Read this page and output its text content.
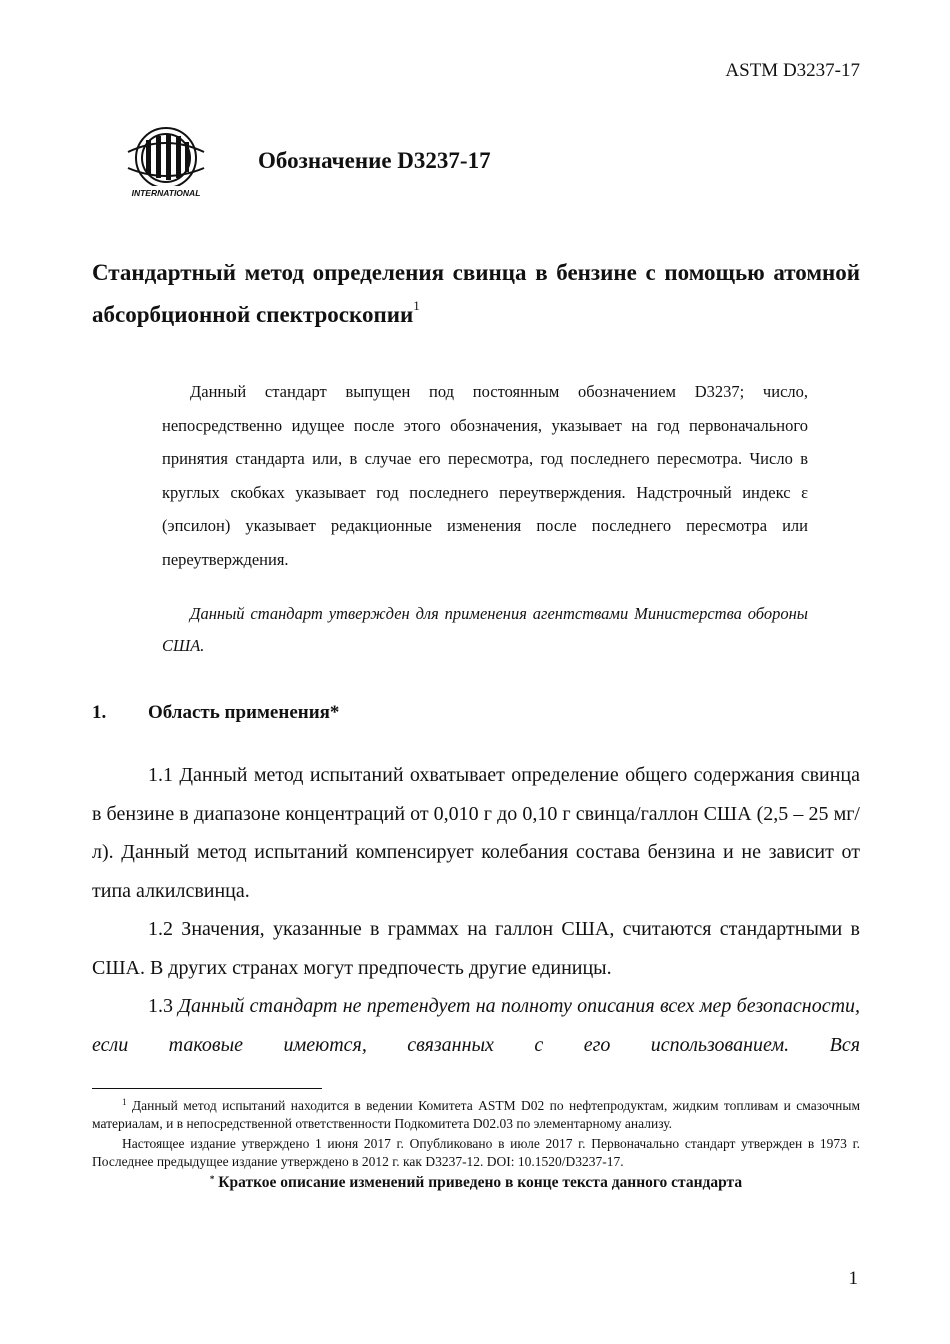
ASTM D3237-17
INTERNATIONAL
Обозначение D3237-17
Стандартный метод определения свинца в бензине с помощью атомной абсорбционной спектроскопии$^1$

Данный стандарт выпущен под постоянным обозначением D3237; число, непосредственно идущее после этого обозначения, указывает на год первоначального принятия стандарта или, в случае его пересмотра, год последнего пересмотра. Число в круглых скобках указывает год последнего переутверждения. Надстрочный индекс ε (эпсилон) указывает редакционные изменения после последнего пересмотра или переутверждения.

Данный стандарт утвержден для применения агентствами Министерства обороны США.

1. Область применения*

1.1 Данный метод испытаний охватывает определение общего содержания свинца в бензине в диапазоне концентраций от 0,010 г до 0,10 г свинца/галлон США (2,5 – 25 мг/л). Данный метод испытаний компенсирует колебания состава бензина и не зависит от типа алкилсвинца.

1.2 Значения, указанные в граммах на галлон США, считаются стандартными в США. В других странах могут предпочесть другие единицы.

1.3 Данный стандарт не претендует на полноту описания всех мер безопасности, если таковые имеются, связанных с его использованием. Вся

$^1$ Данный метод испытаний находится в ведении Комитета ASTM D02 по нефтепродуктам, жидким топливам и смазочным материалам, и в непосредственной ответственности Подкомитета D02.03 по элементарному анализу.

Настоящее издание утверждено 1 июня 2017 г. Опубликовано в июле 2017 г. Первоначально стандарт утвержден в 1973 г. Последнее предыдущее издание утверждено в 2012 г. как D3237-12. DOI: 10.1520/D3237-17.

* Краткое описание изменений приведено в конце текста данного стандарта

1
